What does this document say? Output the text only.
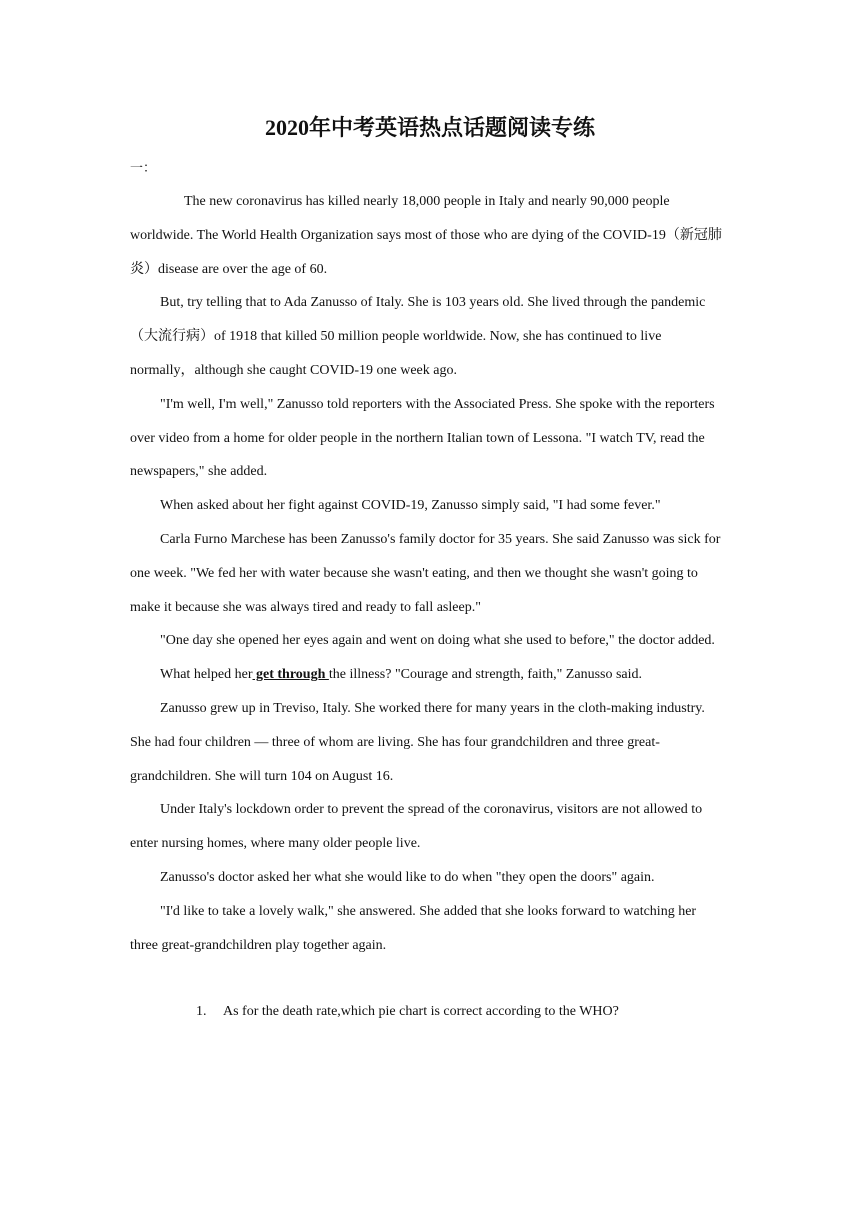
2020年中考英语热点话题阅读专练
一：

The new coronavirus has killed nearly 18,000 people in Italy and nearly 90,000 people worldwide. The World Health Organization says most of those who are dying of the COVID-19（新冠肺炎）disease are over the age of 60.

But, try telling that to Ada Zanusso of Italy. She is 103 years old. She lived through the pandemic （大流行病）of 1918 that killed 50 million people worldwide. Now, she has continued to live normally，although she caught COVID-19 one week ago.

"I'm well, I'm well," Zanusso told reporters with the Associated Press. She spoke with the reporters over video from a home for older people in the northern Italian town of Lessona. "I watch TV, read the newspapers," she added.

When asked about her fight against COVID-19, Zanusso simply said, "I had some fever."

Carla Furno Marchese has been Zanusso's family doctor for 35 years. She said Zanusso was sick for one week. "We fed her with water because she wasn't eating, and then we thought she wasn't going to make it because she was always tired and ready to fall asleep."

"One day she opened her eyes again and went on doing what she used to before," the doctor added.

What helped her get through the illness? "Courage and strength, faith," Zanusso said.

Zanusso grew up in Treviso, Italy. She worked there for many years in the cloth-making industry. She had four children — three of whom are living. She has four grandchildren and three great-grandchildren. She will turn 104 on August 16.

Under Italy's lockdown order to prevent the spread of the coronavirus, visitors are not allowed to enter nursing homes, where many older people live.

Zanusso's doctor asked her what she would like to do when "they open the doors" again.

"I'd like to take a lovely walk," she answered. She added that she looks forward to watching her three great-grandchildren play together again.

1. As for the death rate,which pie chart is correct according to the WHO?
